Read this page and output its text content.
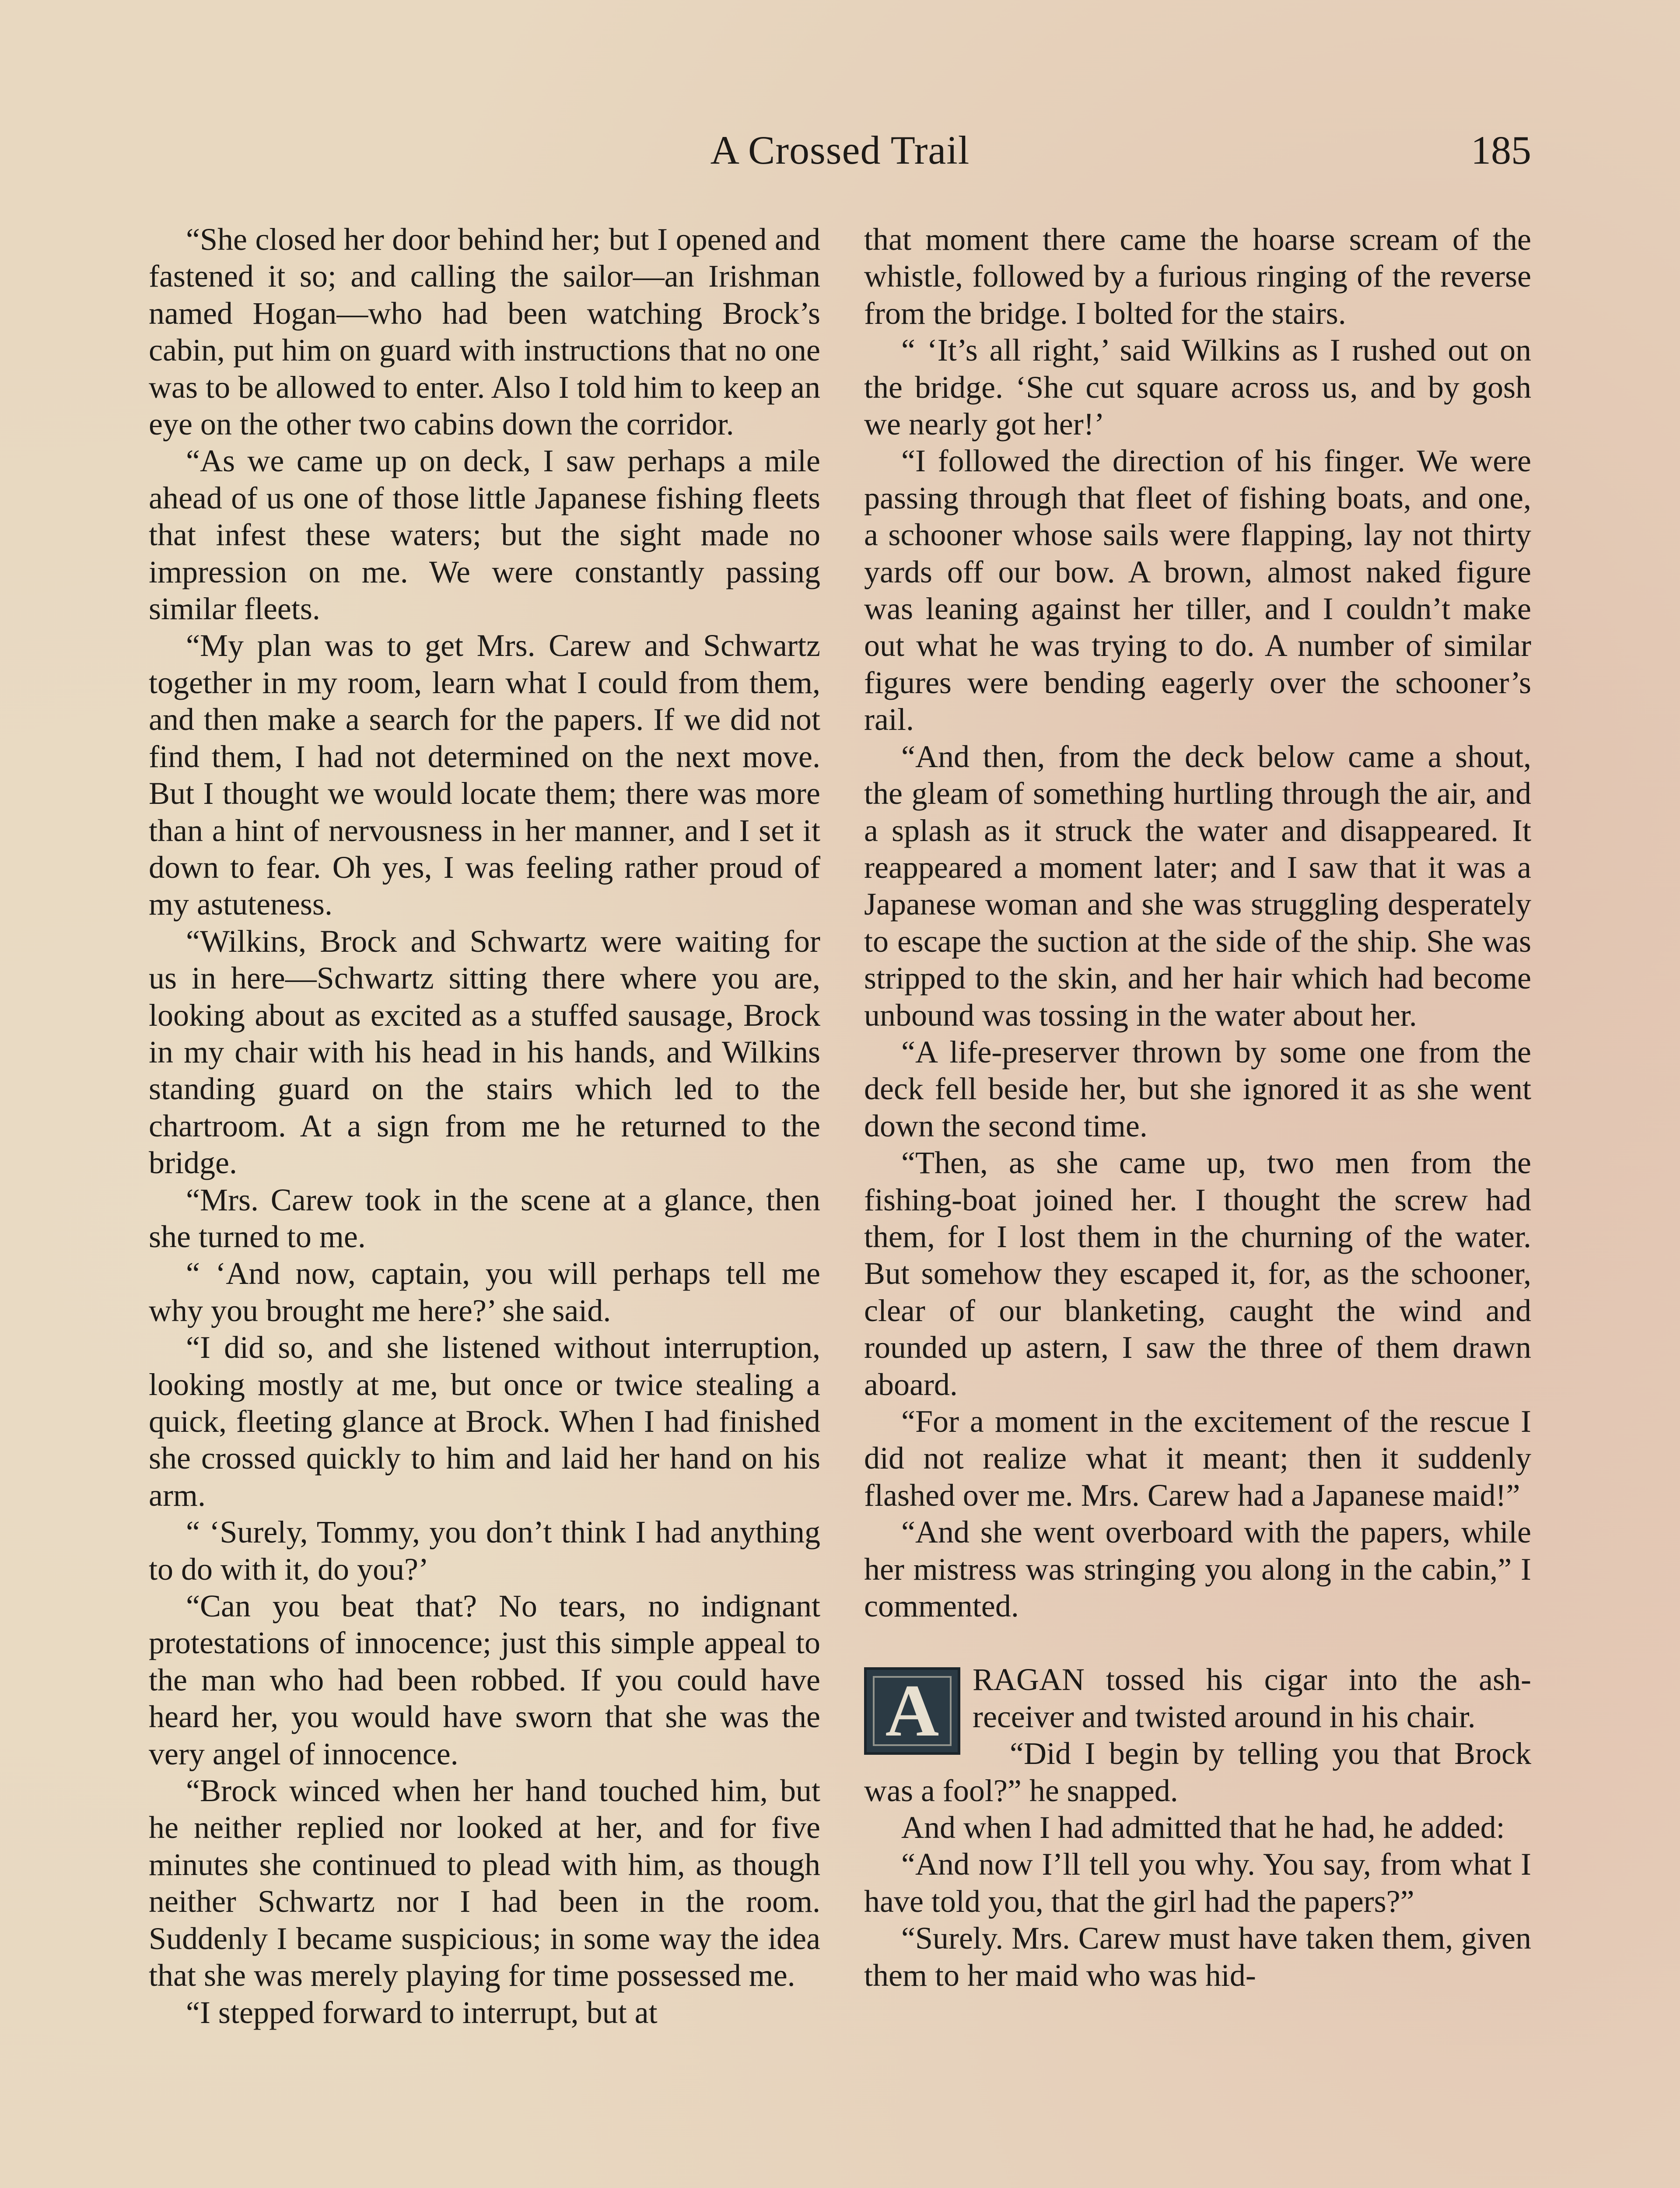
A Crossed Trail	185

“She closed her door behind her; but I opened and fastened it so; and calling the sailor—an Irishman named Hogan—who had been watching Brock’s cabin, put him on guard with instructions that no one was to be allowed to enter. Also I told him to keep an eye on the other two cabins down the corridor.

“As we came up on deck, I saw perhaps a mile ahead of us one of those little Japanese fishing fleets that infest these waters; but the sight made no impression on me. We were constantly passing similar fleets.

“My plan was to get Mrs. Carew and Schwartz together in my room, learn what I could from them, and then make a search for the papers. If we did not find them, I had not determined on the next move. But I thought we would locate them; there was more than a hint of nervousness in her manner, and I set it down to fear. Oh yes, I was feeling rather proud of my astuteness.

“Wilkins, Brock and Schwartz were waiting for us in here—Schwartz sitting there where you are, looking about as excited as a stuffed sausage, Brock in my chair with his head in his hands, and Wilkins standing guard on the stairs which led to the chartroom. At a sign from me he returned to the bridge.

“Mrs. Carew took in the scene at a glance, then she turned to me.

“ ‘And now, captain, you will perhaps tell me why you brought me here?’ she said.

“I did so, and she listened without interruption, looking mostly at me, but once or twice stealing a quick, fleeting glance at Brock. When I had finished she crossed quickly to him and laid her hand on his arm.

“ ‘Surely, Tommy, you don’t think I had anything to do with it, do you?’

“Can you beat that? No tears, no indignant protestations of innocence; just this simple appeal to the man who had been robbed. If you could have heard her, you would have sworn that she was the very angel of innocence.

“Brock winced when her hand touched him, but he neither replied nor looked at her, and for five minutes she continued to plead with him, as though neither Schwartz nor I had been in the room. Suddenly I became suspicious; in some way the idea that she was merely playing for time possessed me.

“I stepped forward to interrupt, but at

that moment there came the hoarse scream of the whistle, followed by a furious ringing of the reverse from the bridge. I bolted for the stairs.

“ ‘It’s all right,’ said Wilkins as I rushed out on the bridge. ‘She cut square across us, and by gosh we nearly got her!’

“I followed the direction of his finger. We were passing through that fleet of fishing boats, and one, a schooner whose sails were flapping, lay not thirty yards off our bow. A brown, almost naked figure was leaning against her tiller, and I couldn’t make out what he was trying to do. A number of similar figures were bending eagerly over the schooner’s rail.

“And then, from the deck below came a shout, the gleam of something hurtling through the air, and a splash as it struck the water and disappeared. It reappeared a moment later; and I saw that it was a Japanese woman and she was struggling desperately to escape the suction at the side of the ship. She was stripped to the skin, and her hair which had become unbound was tossing in the water about her.

“A life-preserver thrown by some one from the deck fell beside her, but she ignored it as she went down the second time.

“Then, as she came up, two men from the fishing-boat joined her. I thought the screw had them, for I lost them in the churning of the water. But somehow they escaped it, for, as the schooner, clear of our blanketing, caught the wind and rounded up astern, I saw the three of them drawn aboard.

“For a moment in the excitement of the rescue I did not realize what it meant; then it suddenly flashed over me. Mrs. Carew had a Japanese maid!”

“And she went overboard with the papers, while her mistress was stringing you along in the cabin,” I commented.

A	RAGAN tossed his cigar into the ash-receiver and twisted around in his chair.

“Did I begin by telling you that Brock was a fool?” he snapped.

And when I had admitted that he had, he added:

“And now I’ll tell you why. You say, from what I have told you, that the girl had the papers?”

“Surely. Mrs. Carew must have taken them, given them to her maid who was hid-
